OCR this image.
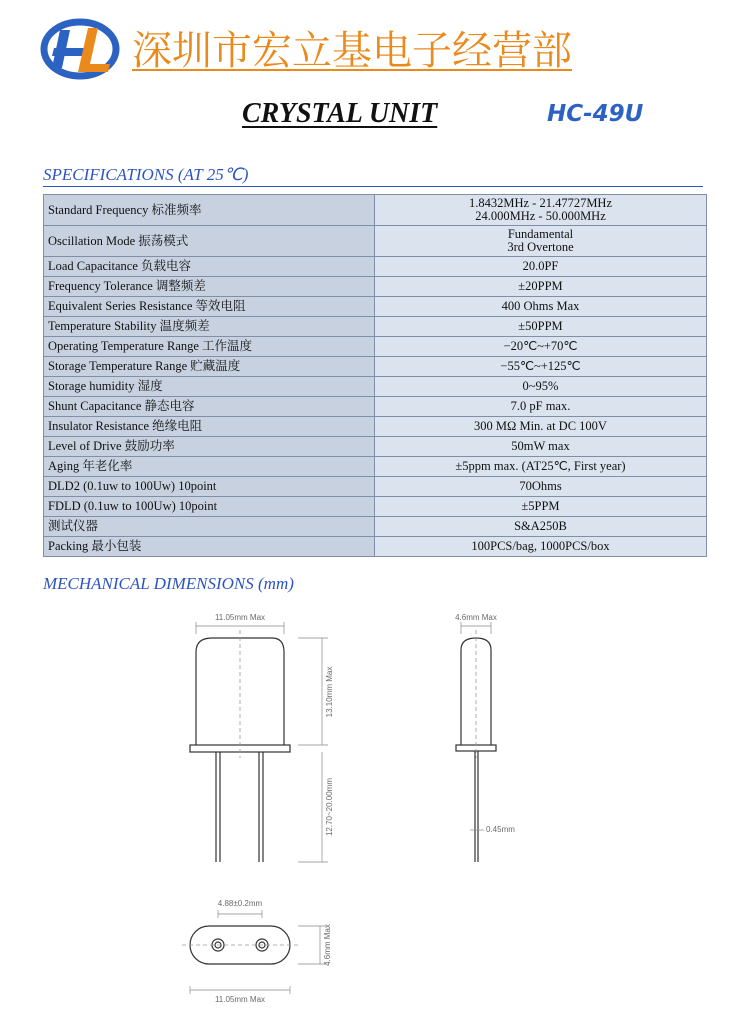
深圳市宏立基电子经营部
CRYSTAL UNIT	HC-49U
SPECIFICATIONS (AT 25℃)
Standard Frequency 标准频率	1.8432MHz - 21.47727MHz
24.000MHz - 50.000MHz

Oscillation Mode 振荡模式	Fundamental
3rd Overtone

Load Capacitance 负载电容	20.0PF
Frequency Tolerance 调整频差	±20PPM
Equivalent Series Resistance 等效电阻	400 Ohms Max
Temperature Stability 温度频差	±50PPM
Operating Temperature Range 工作温度	−20℃~+70℃
Storage Temperature Range 贮藏温度	−55℃~+125℃
Storage humidity 湿度	0~95%
Shunt Capacitance 静态电容	7.0 pF max.
Insulator Resistance 绝缘电阻	300 MΩ Min. at DC 100V
Level of Drive 鼓励功率	50mW max
Aging 年老化率	±5ppm max. (AT25℃, First year)
DLD2 (0.1uw to 100Uw) 10point	70Ohms
FDLD (0.1uw to 100Uw) 10point	±5PPM
测试仪器	S&A250B
Packing 最小包装	100PCS/bag, 1000PCS/box
MECHANICAL DIMENSIONS (mm)
11.05mm Max
13.10mm Max
12.70~20.00mm
4.6mm Max
0.45mm
4.88±0.2mm
4.6mm Max
11.05mm Max
